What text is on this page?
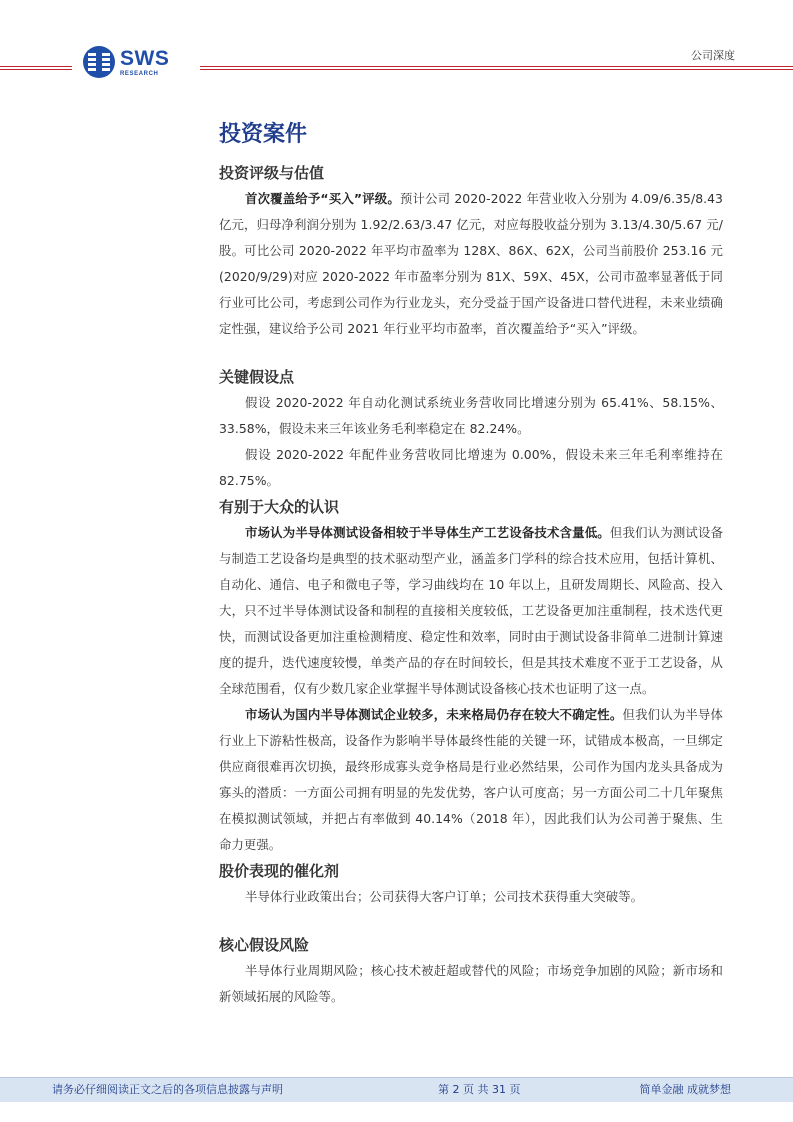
SWS
RESEARCH
公司深度
投资案件
投资评级与估值

首次覆盖给予“买入”评级。预计公司 2020-2022 年营业收入分别为 4.09/6.35/8.43 亿元，归母净利润分别为 1.92/2.63/3.47 亿元，对应每股收益分别为 3.13/4.30/5.67 元/股。可比公司 2020-2022 年平均市盈率为 128X、86X、62X，公司当前股价 253.16 元(2020/9/29)对应 2020-2022 年市盈率分别为 81X、59X、45X，公司市盈率显著低于同行业可比公司，考虑到公司作为行业龙头，充分受益于国产设备进口替代进程，未来业绩确定性强，建议给予公司 2021 年行业平均市盈率，首次覆盖给予“买入”评级。

关键假设点

假设 2020-2022 年自动化测试系统业务营收同比增速分别为 65.41%、58.15%、33.58%，假设未来三年该业务毛利率稳定在 82.24%。

假设 2020-2022 年配件业务营收同比增速为 0.00%，假设未来三年毛利率维持在 82.75%。

有别于大众的认识

市场认为半导体测试设备相较于半导体生产工艺设备技术含量低。但我们认为测试设备与制造工艺设备均是典型的技术驱动型产业，涵盖多门学科的综合技术应用，包括计算机、自动化、通信、电子和微电子等，学习曲线均在 10 年以上，且研发周期长、风险高、投入大，只不过半导体测试设备和制程的直接相关度较低，工艺设备更加注重制程，技术迭代更快，而测试设备更加注重检测精度、稳定性和效率，同时由于测试设备非简单二进制计算速度的提升，迭代速度较慢，单类产品的存在时间较长，但是其技术难度不亚于工艺设备，从全球范围看，仅有少数几家企业掌握半导体测试设备核心技术也证明了这一点。

市场认为国内半导体测试企业较多，未来格局仍存在较大不确定性。但我们认为半导体行业上下游粘性极高，设备作为影响半导体最终性能的关键一环，试错成本极高，一旦绑定供应商很难再次切换，最终形成寡头竞争格局是行业必然结果，公司作为国内龙头具备成为寡头的潜质：一方面公司拥有明显的先发优势，客户认可度高；另一方面公司二十几年聚焦在模拟测试领域，并把占有率做到 40.14%（2018 年），因此我们认为公司善于聚焦、生命力更强。

股价表现的催化剂

半导体行业政策出台；公司获得大客户订单；公司技术获得重大突破等。

核心假设风险

半导体行业周期风险；核心技术被赶超或替代的风险；市场竞争加剧的风险；新市场和新领域拓展的风险等。

请务必仔细阅读正文之后的各项信息披露与声明	第 2 页 共 31 页	简单金融 成就梦想
